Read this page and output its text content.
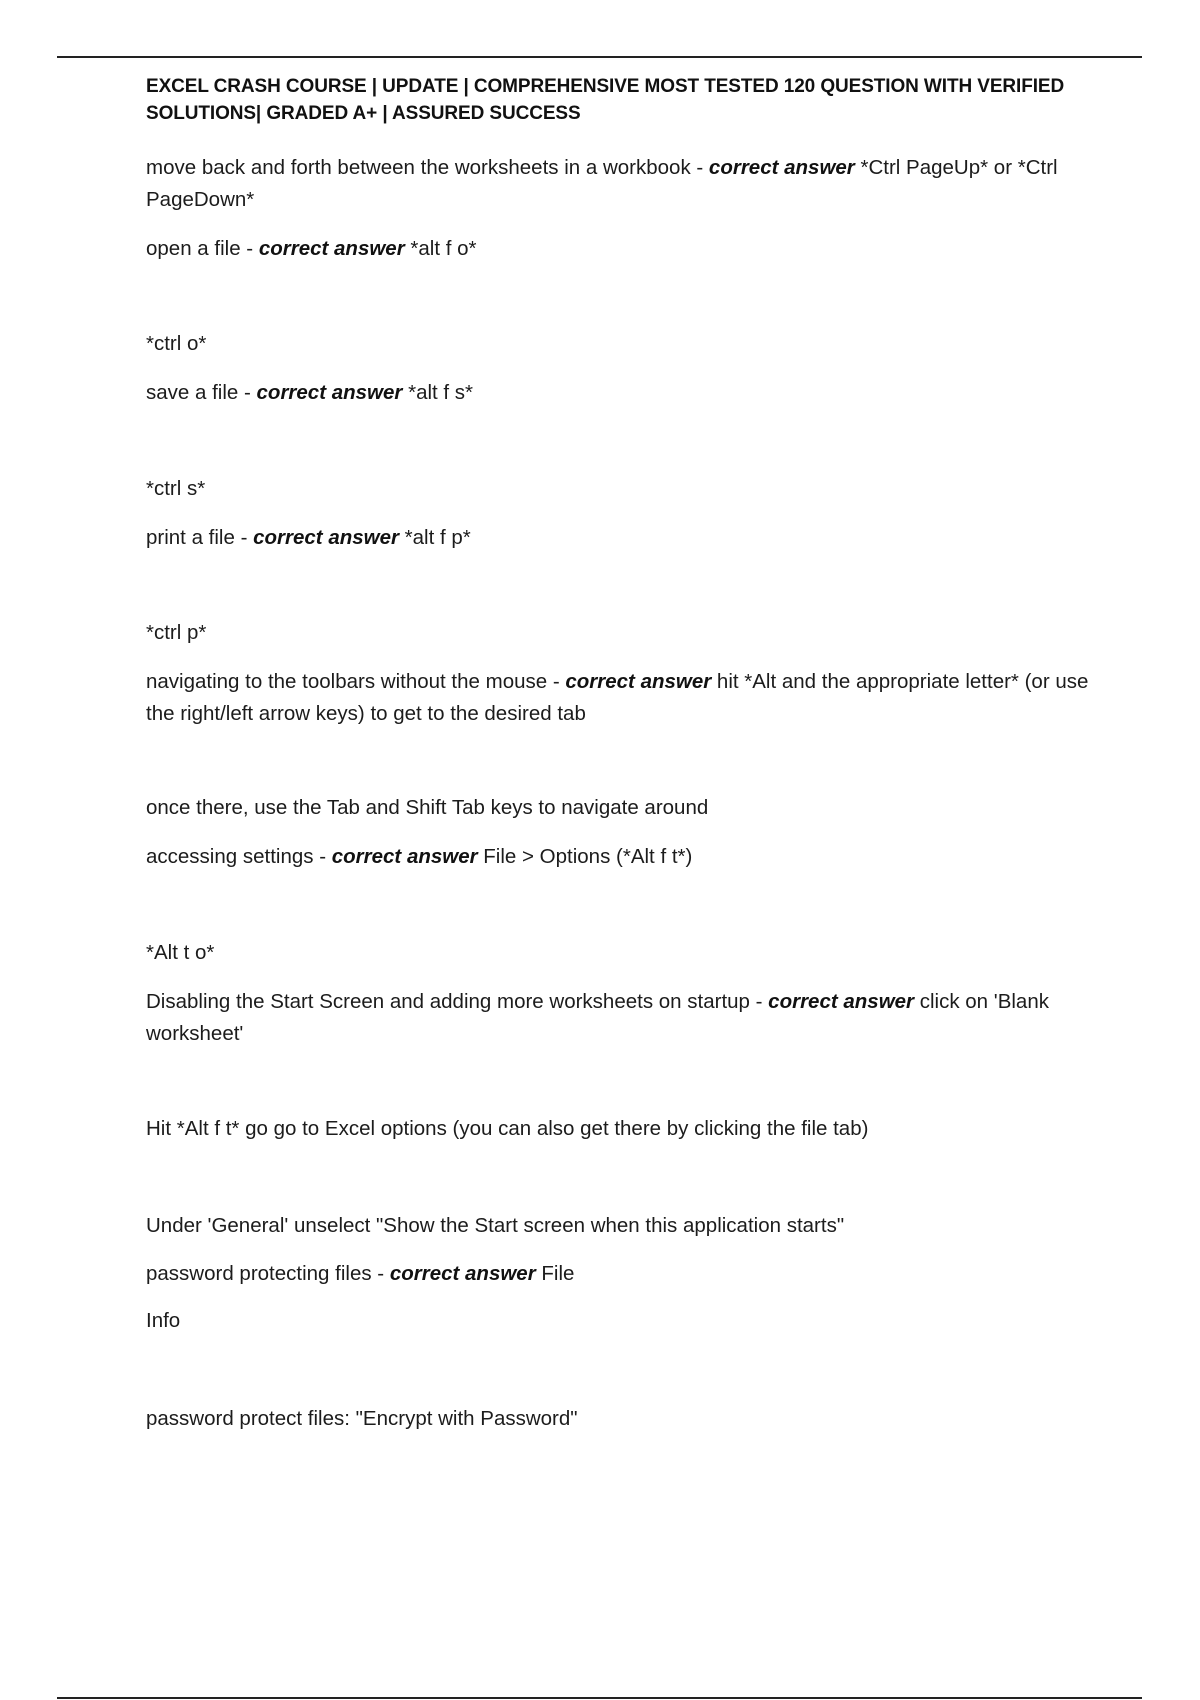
EXCEL CRASH COURSE | UPDATE | COMPREHENSIVE MOST TESTED 120 QUESTION WITH VERIFIED SOLUTIONS| GRADED A+ | ASSURED SUCCESS
move back and forth between the worksheets in a workbook - correct answer *Ctrl PageUp* or *Ctrl PageDown*
open a file - correct answer *alt f o*
*ctrl o*
save a file - correct answer *alt f s*
*ctrl s*
print a file - correct answer *alt f p*
*ctrl p*
navigating to the toolbars without the mouse - correct answer hit *Alt and the appropriate letter* (or use the right/left arrow keys) to get to the desired tab
once there, use the Tab and Shift Tab keys to navigate around
accessing settings - correct answer File > Options (*Alt f t*)
*Alt t o*
Disabling the Start Screen and adding more worksheets on startup - correct answer click on 'Blank worksheet'
Hit *Alt f t* go go to Excel options (you can also get there by clicking the file tab)
Under 'General' unselect "Show the Start screen when this application starts"
password protecting files - correct answer File
Info
password protect files: "Encrypt with Password"
